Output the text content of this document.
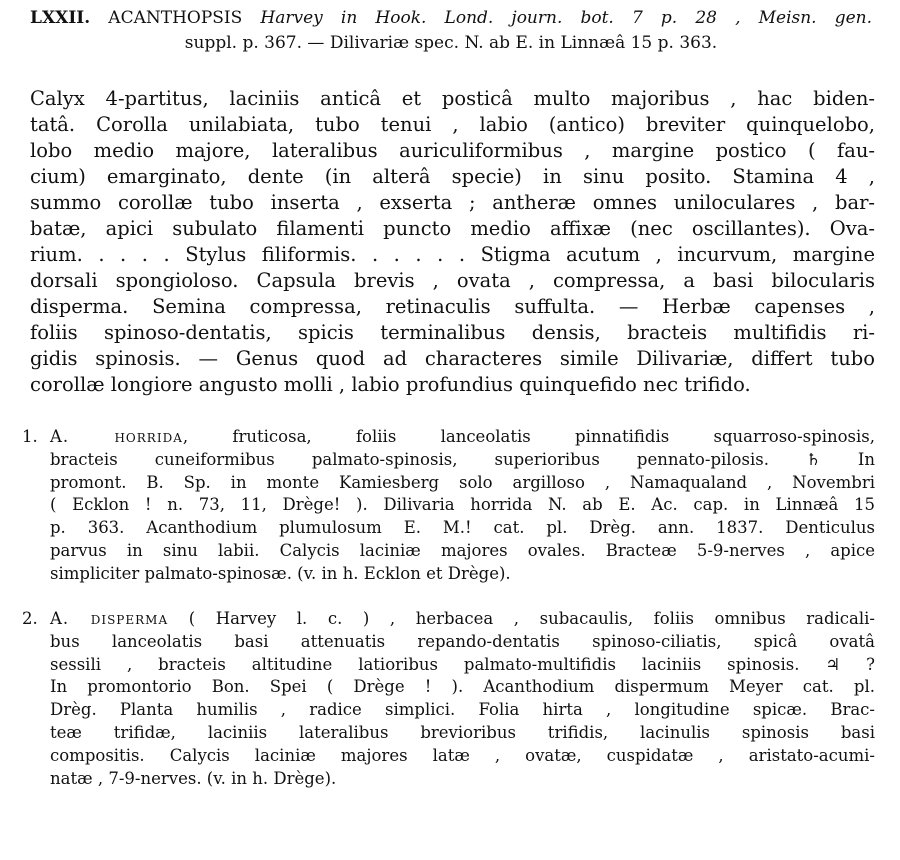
LXXII. ACANTHOPSIS Harvey in Hook. Lond. journ. bot. 7 p. 28 , Meisn. gen.
suppl. p. 367. — Dilivariæ spec. N. ab E. in Linnæâ 15 p. 363.
Calyx 4-partitus, laciniis anticâ et posticâ multo majoribus , hac biden-
tatâ. Corolla unilabiata, tubo tenui , labio (antico) breviter quinquelobo,
lobo medio majore, lateralibus auriculiformibus , margine postico ( fau-
cium) emarginato, dente (in alterâ specie) in sinu posito. Stamina 4 ,
summo corollæ tubo inserta , exserta ; antheræ omnes uniloculares , bar-
batæ, apici subulato filamenti puncto medio affixæ (nec oscillantes). Ova-
rium. . . . . Stylus filiformis. . . . . . Stigma acutum , incurvum, margine
dorsali spongioloso. Capsula brevis , ovata , compressa, a basi bilocularis
disperma. Semina compressa, retinaculis suffulta. — Herbæ capenses ,
foliis spinoso-dentatis, spicis terminalibus densis, bracteis multifidis ri-
gidis spinosis. — Genus quod ad characteres simile Dilivariæ, differt tubo
corollæ longiore angusto molli , labio profundius quinquefido nec trifido.
1. A. horrida, fruticosa, foliis lanceolatis pinnatifidis squarroso-spinosis,
bracteis cuneiformibus palmato-spinosis, superioribus pennato-pilosis. ♄ In
promont. B. Sp. in monte Kamiesberg solo argilloso , Namaqualand , Novembri
( Ecklon ! n. 73, 11, Drège! ). Dilivaria horrida N. ab E. Ac. cap. in Linnæâ 15
p. 363. Acanthodium plumulosum E. M.! cat. pl. Drèg. ann. 1837. Denticulus
parvus in sinu labii. Calycis laciniæ majores ovales. Bracteæ 5-9-nerves , apice
simpliciter palmato-spinosæ. (v. in h. Ecklon et Drège).
2. A. disperma ( Harvey l. c. ) , herbacea , subacaulis, foliis omnibus radicali-
bus lanceolatis basi attenuatis repando-dentatis spinoso-ciliatis, spicâ ovatâ
sessili , bracteis altitudine latioribus palmato-multifidis laciniis spinosis. ♃ ?
In promontorio Bon. Spei ( Drège ! ). Acanthodium dispermum Meyer cat. pl.
Drèg. Planta humilis , radice simplici. Folia hirta , longitudine spicæ. Brac-
teæ trifidæ, laciniis lateralibus brevioribus trifidis, lacinulis spinosis basi
compositis. Calycis laciniæ majores latæ , ovatæ, cuspidatæ , aristato-acumi-
natæ , 7-9-nerves. (v. in h. Drège).
